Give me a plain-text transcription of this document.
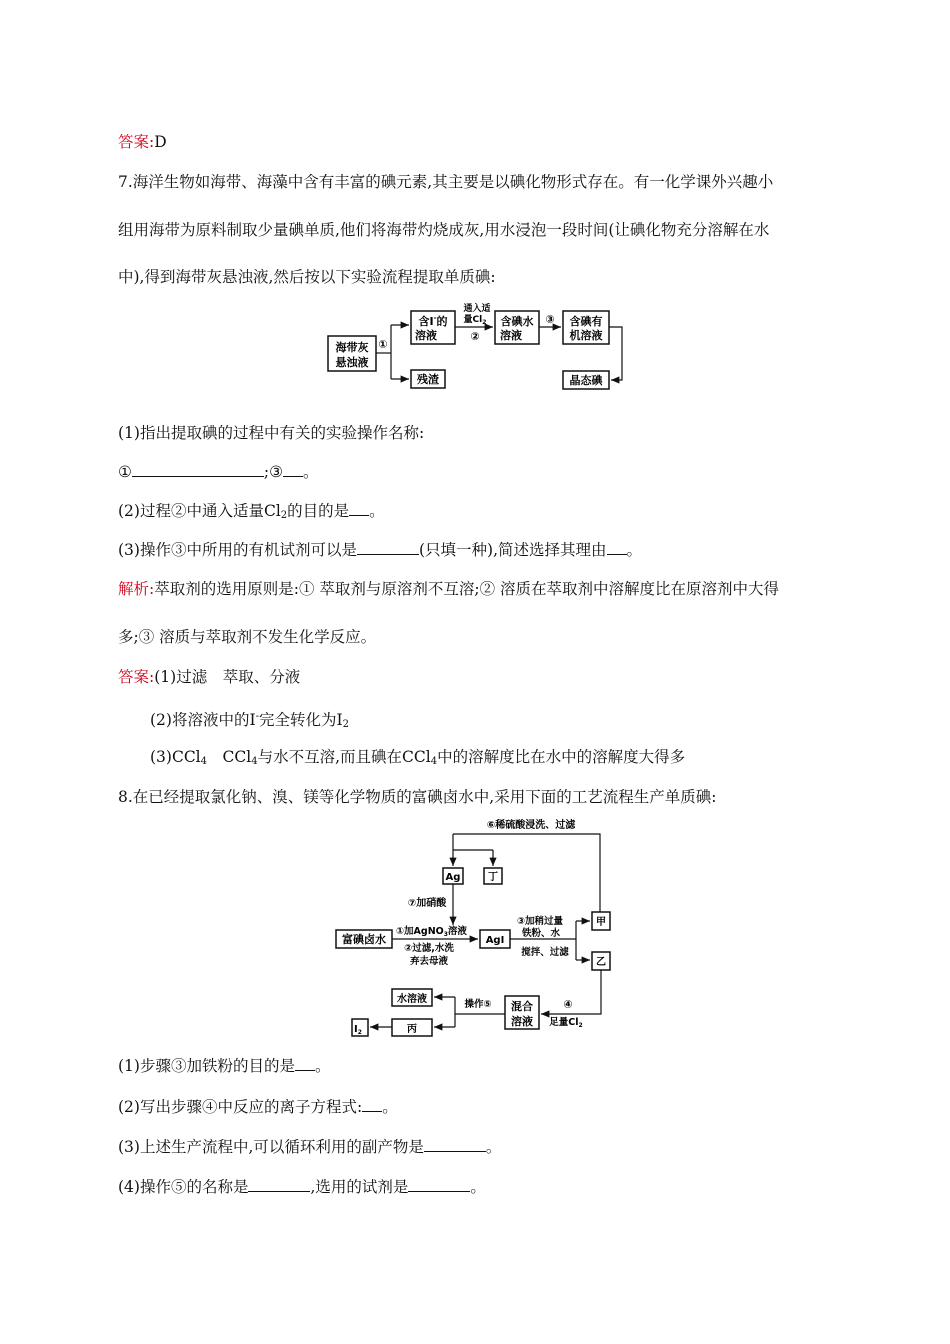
答案:D
7.海洋生物如海带、海藻中含有丰富的碘元素,其主要是以碘化物形式存在。有一化学课外兴趣小
组用海带为原料制取少量碘单质,他们将海带灼烧成灰,用水浸泡一段时间(让碘化物充分溶解在水
中),得到海带灰悬浊液,然后按以下实验流程提取单质碘:
海带灰
悬浊液
①
含I-的
溶液
残渣
通入适
量$Cl_2$
②
含碘水
溶液
③ 含碘有
机溶液
晶态碘
(1)指出提取碘的过程中有关的实验操作名称:
①	;③ 。
(2)过程②中通入适量$Cl_2$的目的是 。
(3)操作③中所用的有机试剂可以是	(只填一种),简述选择其理由 。
解析:萃取剂的选用原则是:① 萃取剂与原溶剂不互溶;② 溶质在萃取剂中溶解度比在原溶剂中大得
多;③ 溶质与萃取剂不发生化学反应。
答案:(1)过滤　萃取、分液
(2)将溶液中的I-完全转化为$I_2$
(3)CCl$_4$　CCl$_4$与水不互溶,而且碘在CCl$_4$中的溶解度比在水中的溶解度大得多
8.在已经提取氯化钠、溴、镁等化学物质的富碘卤水中,采用下面的工艺流程生产单质碘:
⑥稀硫酸浸洗、过滤
Ag	丁
⑦加硝酸
富碘卤水
①加AgNO$_3$溶液
②过滤,水洗
弃去母液
AgI
③加稍过量
铁粉、水
搅拌、过滤
甲
乙
④
足量$Cl_2$
混合
溶液
操作⑤
水溶液
丙
$I_2$
(1)步骤③加铁粉的目的是 。
(2)写出步骤④中反应的离子方程式: 。
(3)上述生产流程中,可以循环利用的副产物是	。
(4)操作⑤的名称是	,选用的试剂是	。
